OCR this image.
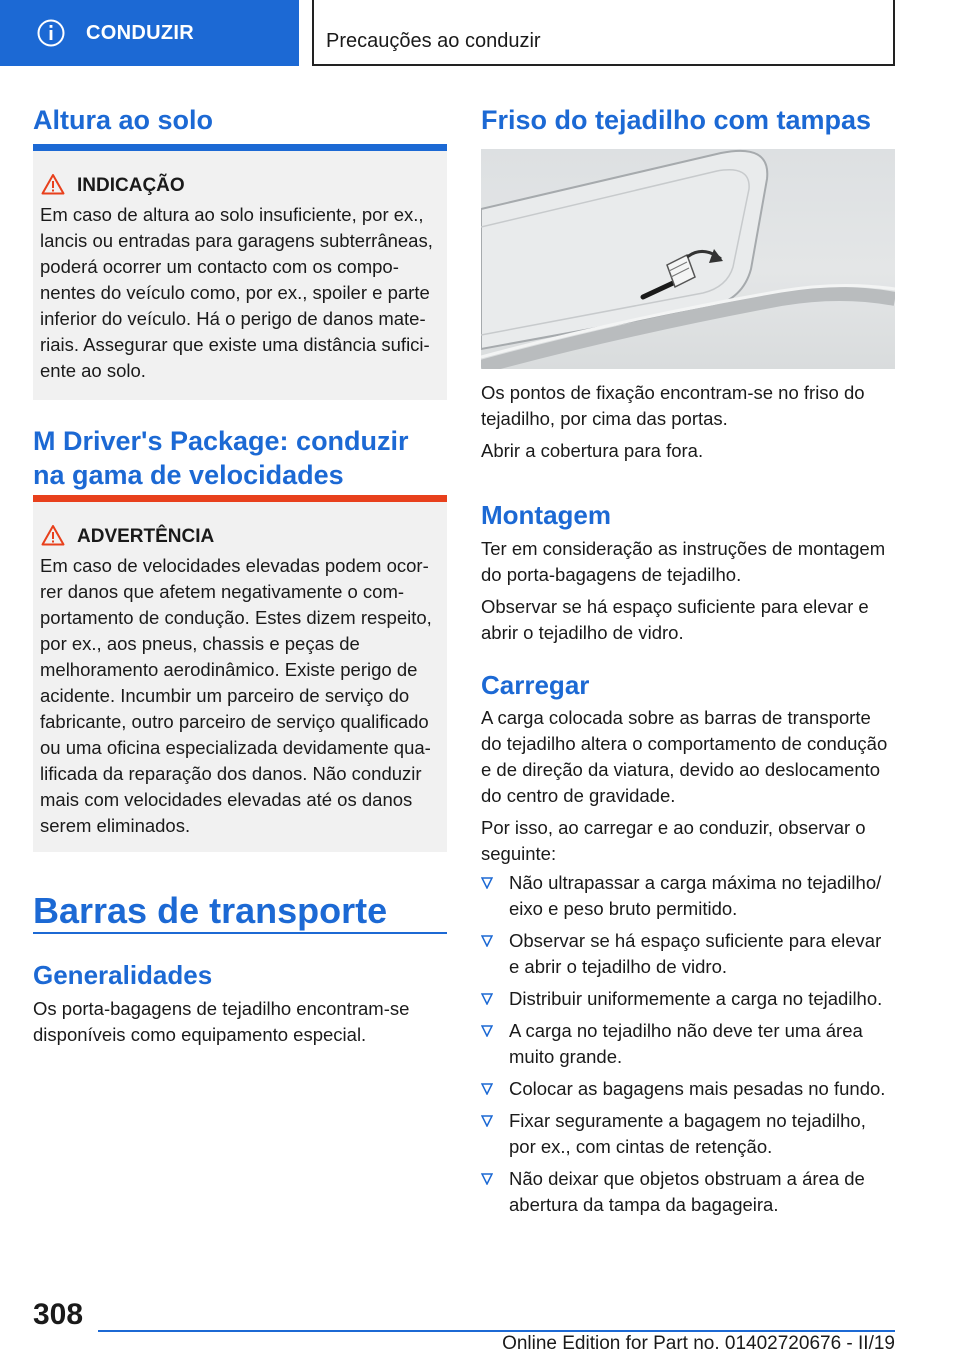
CONDUZIR	Precauções ao conduzir
Altura ao solo
INDICAÇÃO
Em caso de altura ao solo insuficiente, por ex., lancis ou entradas para garagens subterrâneas, poderá ocorrer um contacto com os componentes do veículo como, por ex., spoiler e parte inferior do veículo. Há o perigo de danos materiais. Assegurar que existe uma distância suficiente ao solo.
M Driver's Package: conduzir na gama de velocidades
ADVERTÊNCIA
Em caso de velocidades elevadas podem ocorrer danos que afetem negativamente o comportamento de condução. Estes dizem respeito, por ex., aos pneus, chassis e peças de melhoramento aerodinâmico. Existe perigo de acidente. Incumbir um parceiro de serviço do fabricante, outro parceiro de serviço qualificado ou uma oficina especializada devidamente qualificada da reparação dos danos. Não conduzir mais com velocidades elevadas até os danos serem eliminados.
Barras de transporte
Generalidades
Os porta-bagagens de tejadilho encontram-se disponíveis como equipamento especial.
Friso do tejadilho com tampas
Os pontos de fixação encontram-se no friso do tejadilho, por cima das portas.
Abrir a cobertura para fora.
Montagem
Ter em consideração as instruções de montagem do porta-bagagens de tejadilho.
Observar se há espaço suficiente para elevar e abrir o tejadilho de vidro.
Carregar
A carga colocada sobre as barras de transporte do tejadilho altera o comportamento de condução e de direção da viatura, devido ao deslocamento do centro de gravidade.
Por isso, ao carregar e ao conduzir, observar o seguinte:
Não ultrapassar a carga máxima no tejadilho/ eixo e peso bruto permitido.
Observar se há espaço suficiente para elevar e abrir o tejadilho de vidro.
Distribuir uniformemente a carga no tejadilho.
A carga no tejadilho não deve ter uma área muito grande.
Colocar as bagagens mais pesadas no fundo.
Fixar seguramente a bagagem no tejadilho, por ex., com cintas de retenção.
Não deixar que objetos obstruam a área de abertura da tampa da bagageira.
308
Online Edition for Part no. 01402720676 - II/19
